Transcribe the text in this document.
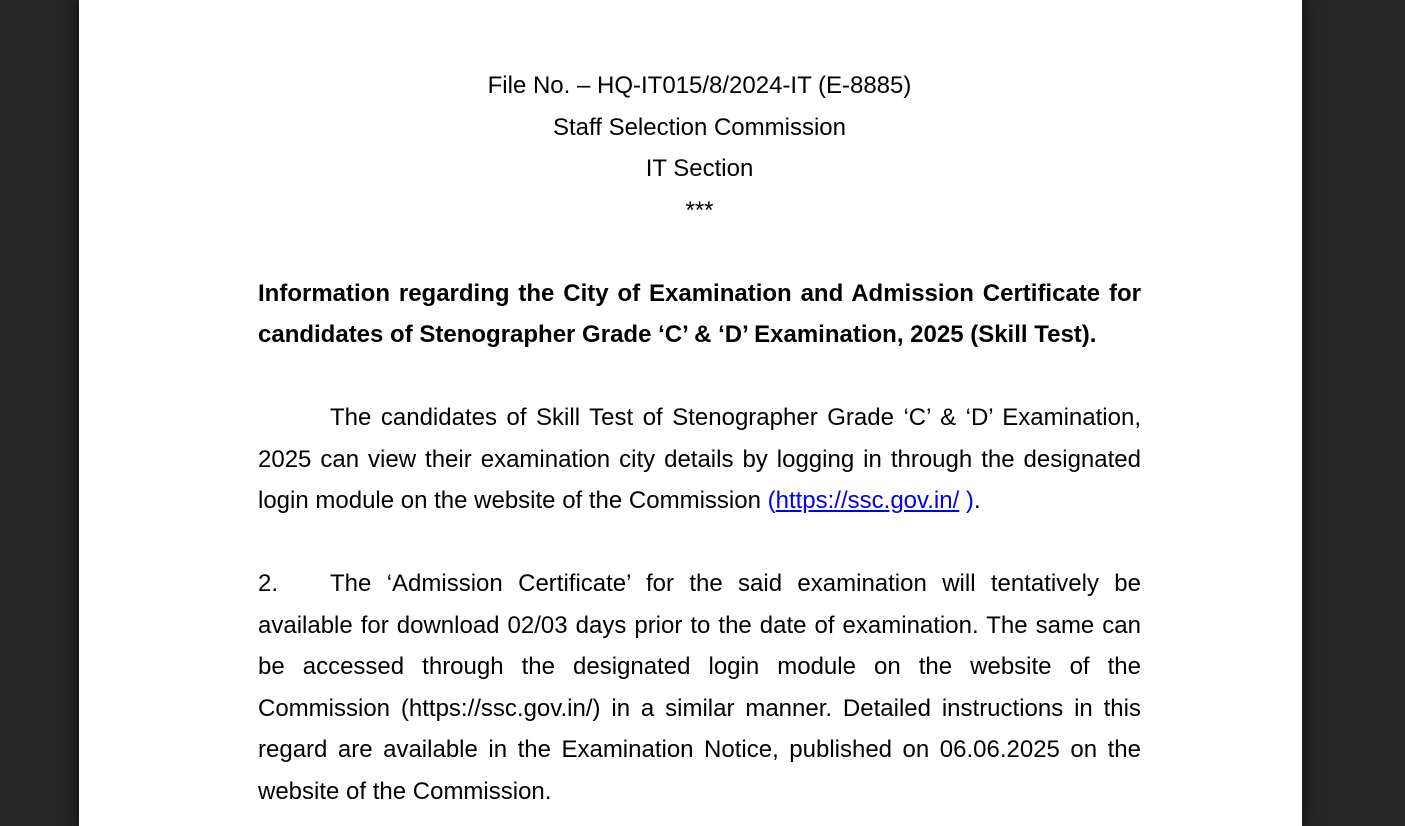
File No. – HQ-IT015/8/2024-IT (E-8885)
Staff Selection Commission
IT Section
***
Information regarding the City of Examination and Admission Certificate for candidates of Stenographer Grade ‘C’ & ‘D’ Examination, 2025 (Skill Test).

The candidates of Skill Test of Stenographer Grade ‘C’ & ‘D’ Examination, 2025 can view their examination city details by logging in through the designated login module on the website of the Commission (https://ssc.gov.in/ ).

2. The ‘Admission Certificate’ for the said examination will tentatively be available for download 02/03 days prior to the date of examination. The same can be accessed through the designated login module on the website of the Commission (https://ssc.gov.in/) in a similar manner. Detailed instructions in this regard are available in the Examination Notice, published on 06.06.2025 on the website of the Commission.
